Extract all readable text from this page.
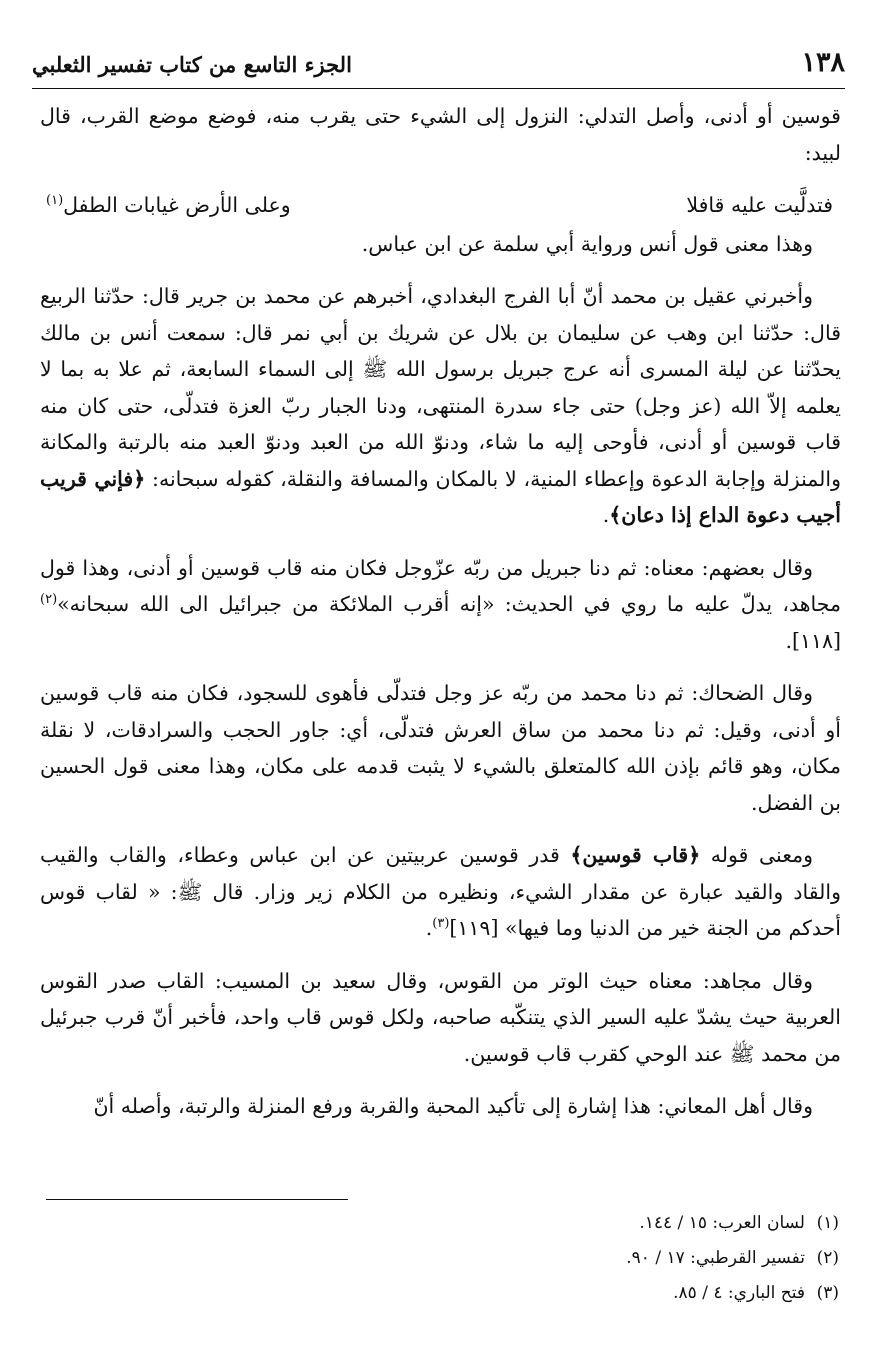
١٣٨
الجزء التاسع من كتاب تفسير الثعلبي

قوسين أو أدنى، وأصل التدلي: النزول إلى الشيء حتى يقرب منه، فوضع موضع القرب، قال لبيد:

فتدلَّيت عليه قافلا
وعلى الأرض غيابات الطفل$^{(١)}$

وهذا معنى قول أنس ورواية أبي سلمة عن ابن عباس.

وأخبرني عقيل بن محمد أنّ أبا الفرج البغدادي، أخبرهم عن محمد بن جرير قال: حدّثنا الربيع قال: حدّثنا ابن وهب عن سليمان بن بلال عن شريك بن أبي نمر قال: سمعت أنس بن مالك يحدّثنا عن ليلة المسرى أنه عرج جبريل برسول الله ﷺ إلى السماء السابعة، ثم علا به بما لا يعلمه إلاّ الله (عز وجل) حتى جاء سدرة المنتهى، ودنا الجبار ربّ العزة فتدلّى، حتى كان منه قاب قوسين أو أدنى، فأوحى إليه ما شاء، ودنوّ الله من العبد ودنوّ العبد منه بالرتبة والمكانة والمنزلة وإجابة الدعوة وإعطاء المنية، لا بالمكان والمسافة والنقلة، كقوله سبحانه: ﴿فإني قريب أجيب دعوة الداع إذا دعان﴾.

وقال بعضهم: معناه: ثم دنا جبريل من ربّه عزّوجل فكان منه قاب قوسين أو أدنى، وهذا قول مجاهد، يدلّ عليه ما روي في الحديث: «إنه أقرب الملائكة من جبرائيل الى الله سبحانه»$^{(٢)}$ [١١٨].

وقال الضحاك: ثم دنا محمد من ربّه عز وجل فتدلّى فأهوى للسجود، فكان منه قاب قوسين أو أدنى، وقيل: ثم دنا محمد من ساق العرش فتدلّى، أي: جاور الحجب والسرادقات، لا نقلة مكان، وهو قائم بإذن الله كالمتعلق بالشيء لا يثبت قدمه على مكان، وهذا معنى قول الحسين بن الفضل.

ومعنى قوله ﴿قاب قوسين﴾ قدر قوسين عربيتين عن ابن عباس وعطاء، والقاب والقيب والقاد والقيد عبارة عن مقدار الشيء، ونظيره من الكلام زير وزار. قال ﷺ: « لقاب قوس أحدكم من الجنة خير من الدنيا وما فيها» [١١٩]$^{(٣)}$.

وقال مجاهد: معناه حيث الوتر من القوس، وقال سعيد بن المسيب: القاب صدر القوس العربية حيث يشدّ عليه السير الذي يتنكّبه صاحبه، ولكل قوس قاب واحد، فأخبر أنّ قرب جبرئيل من محمد ﷺ عند الوحي كقرب قاب قوسين.

وقال أهل المعاني: هذا إشارة إلى تأكيد المحبة والقربة ورفع المنزلة والرتبة، وأصله أنّ

(١)لسان العرب: ١٥ / ١٤٤.

(٢)تفسير القرطبي: ١٧ / ٩٠.

(٣)فتح الباري: ٤ / ٨٥.
